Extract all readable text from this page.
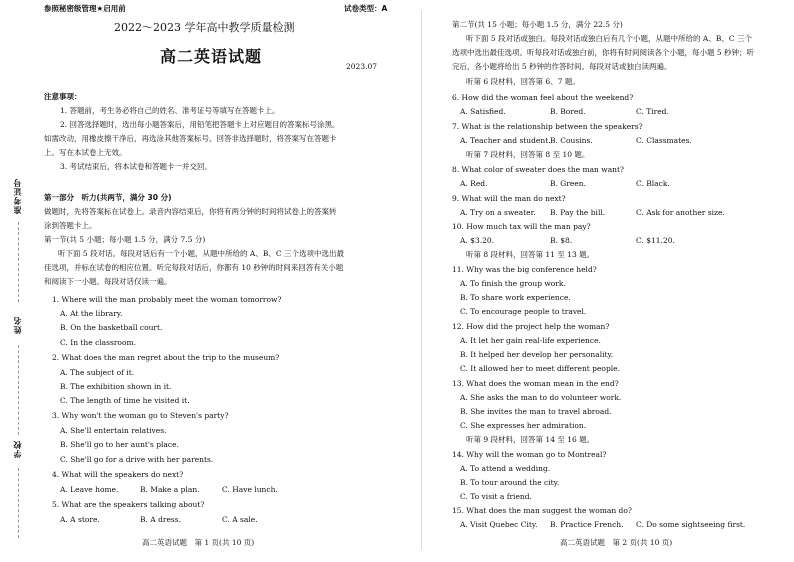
准考证号
姓名
学校
参照秘密级管理★启用前	试卷类型：A
2022～2023 学年高中教学质量检测
高二英语试题
2023.07
注意事项：
1. 答题前，考生务必将自己的姓名、准考证号等填写在答题卡上。
2. 回答选择题时，选出每小题答案后，用铅笔把答题卡上对应题目的答案标号涂黑。
如需改动，用橡皮擦干净后，再选涂其他答案标号。回答非选择题时，将答案写在答题卡
上。写在本试卷上无效。
3. 考试结束后，将本试卷和答题卡一并交回。
第一部分　听力(共两节，满分 30 分)
做题时，先将答案标在试卷上。录音内容结束后，你将有两分钟的时间将试卷上的答案转
涂到答题卡上。
第一节(共 5 小题；每小题 1.5 分，满分 7.5 分)
听下面 5 段对话。每段对话后有一个小题，从题中所给的 A、B、C 三个选项中选出最
佳选项，并标在试卷的相应位置。听完每段对话后，你都有 10 秒钟的时间来回答有关小题
和阅读下一小题。每段对话仅读一遍。
1. Where will the man probably meet the woman tomorrow?
A. At the library.
B. On the basketball court.
C. In the classroom.
2. What does the man regret about the trip to the museum?
A. The subject of it.
B. The exhibition shown in it.
C. The length of time he visited it.
3. Why won't the woman go to Steven's party?
A. She'll entertain relatives.
B. She'll go to her aunt's place.
C. She'll go for a drive with her parents.
4. What will the speakers do next?
A. Leave home.	B. Make a plan.	C. Have lunch.
5. What are the speakers talking about?
A. A store.	B. A dress.	C. A sale.
高二英语试题　第 1 页(共 10 页)
第二节(共 15 小题；每小题 1.5 分，满分 22.5 分)
听下面 5 段对话或独白。每段对话或独白后有几个小题，从题中所给的 A、B、C 三个
选项中选出最佳选项。听每段对话或独白前，你将有时间阅读各个小题，每小题 5 秒钟；听
完后，各小题将给出 5 秒钟的作答时间。每段对话或独白读两遍。
听第 6 段材料，回答第 6、7 题。
6. How did the woman feel about the weekend?
A. Satisfied.	B. Bored.	C. Tired.
7. What is the relationship between the speakers?
A. Teacher and student. B. Cousins.	C. Classmates.
听第 7 段材料，回答第 8 至 10 题。
8. What color of sweater does the man want?
A. Red.	B. Green.	C. Black.
9. What will the man do next?
A. Try on a sweater. B. Pay the bill.	C. Ask for another size.
10. How much tax will the man pay?
A. $3.20.	B. $8.	C. $11.20.
听第 8 段材料，回答第 11 至 13 题。
11. Why was the big conference held?
A. To finish the group work.
B. To share work experience.
C. To encourage people to travel.
12. How did the project help the woman?
A. It let her gain real-life experience.
B. It helped her develop her personality.
C. It allowed her to meet different people.
13. What does the woman mean in the end?
A. She asks the man to do volunteer work.
B. She invites the man to travel abroad.
C. She expresses her admiration.
听第 9 段材料，回答第 14 至 16 题。
14. Why will the woman go to Montreal?
A. To attend a wedding.
B. To tour around the city.
C. To visit a friend.
15. What does the man suggest the woman do?
A. Visit Quebec City. B. Practice French. C. Do some sightseeing first.
高二英语试题　第 2 页(共 10 页)
